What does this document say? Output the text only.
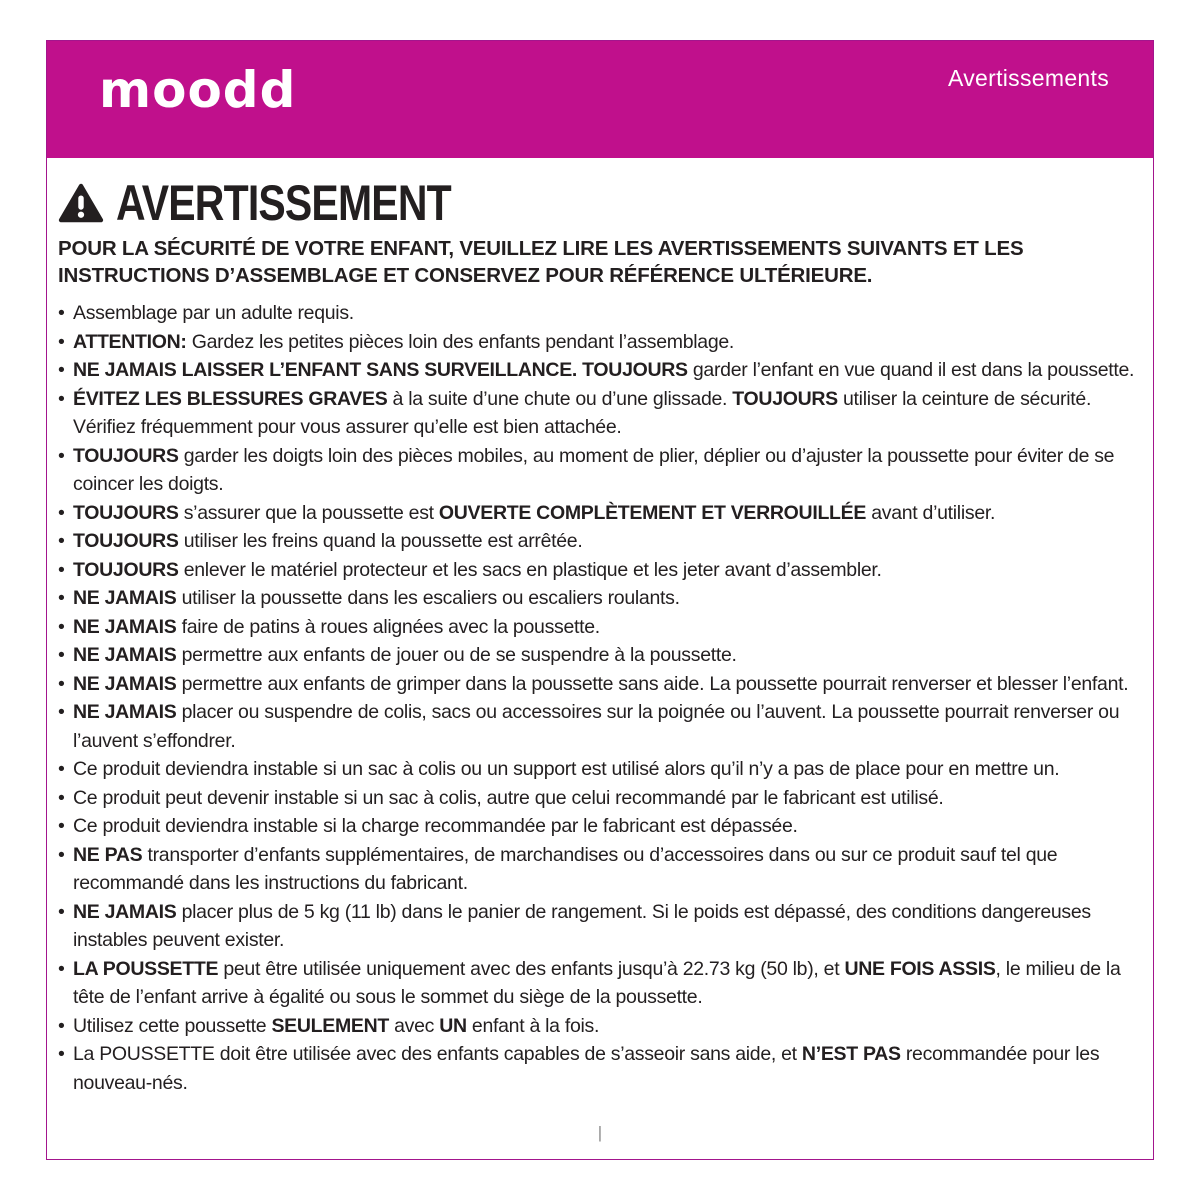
moodd	Avertissements
AVERTISSEMENT

POUR LA SÉCURITÉ DE VOTRE ENFANT, VEUILLEZ LIRE LES AVERTISSEMENTS SUIVANTS ET LES INSTRUCTIONS D’ASSEMBLAGE ET CONSERVEZ POUR RÉFÉRENCE ULTÉRIEURE.

• Assemblage par un adulte requis.
• ATTENTION: Gardez les petites pièces loin des enfants pendant l’assemblage.
• NE JAMAIS LAISSER L’ENFANT SANS SURVEILLANCE. TOUJOURS garder l’enfant en vue quand il est dans la poussette.
• ÉVITEZ LES BLESSURES GRAVES à la suite d’une chute ou d’une glissade. TOUJOURS utiliser la ceinture de sécurité. Vérifiez fréquemment pour vous assurer qu’elle est bien attachée.
• TOUJOURS garder les doigts loin des pièces mobiles, au moment de plier, déplier ou d’ajuster la poussette pour éviter de se coincer les doigts.
• TOUJOURS s’assurer que la poussette est OUVERTE COMPLÈTEMENT ET VERROUILLÉE avant d’utiliser.
• TOUJOURS utiliser les freins quand la poussette est arrêtée.
• TOUJOURS enlever le matériel protecteur et les sacs en plastique et les jeter avant d’assembler.
• NE JAMAIS utiliser la poussette dans les escaliers ou escaliers roulants.
• NE JAMAIS faire de patins à roues alignées avec la poussette.
• NE JAMAIS permettre aux enfants de jouer ou de se suspendre à la poussette.
• NE JAMAIS permettre aux enfants de grimper dans la poussette sans aide. La poussette pourrait renverser et blesser l’enfant.
• NE JAMAIS placer ou suspendre de colis, sacs ou accessoires sur la poignée ou l’auvent. La poussette pourrait renverser ou l’auvent s’effondrer.
• Ce produit deviendra instable si un sac à colis ou un support est utilisé alors qu’il n’y a pas de place pour en mettre un.
• Ce produit peut devenir instable si un sac à colis, autre que celui recommandé par le fabricant est utilisé.
• Ce produit deviendra instable si la charge recommandée par le fabricant est dépassée.
• NE PAS transporter d’enfants supplémentaires, de marchandises ou d’accessoires dans ou sur ce produit sauf tel que recommandé dans les instructions du fabricant.
• NE JAMAIS placer plus de 5 kg (11 lb) dans le panier de rangement. Si le poids est dépassé, des conditions dangereuses instables peuvent exister.
• LA POUSSETTE peut être utilisée uniquement avec des enfants jusqu’à 22.73 kg (50 lb), et UNE FOIS ASSIS, le milieu de la tête de l’enfant arrive à égalité ou sous le sommet du siège de la poussette.
• Utilisez cette poussette SEULEMENT avec UN enfant à la fois.
• La POUSSETTE doit être utilisée avec des enfants capables de s’asseoir sans aide, et N’EST PAS recommandée pour les nouveau-nés.
|
